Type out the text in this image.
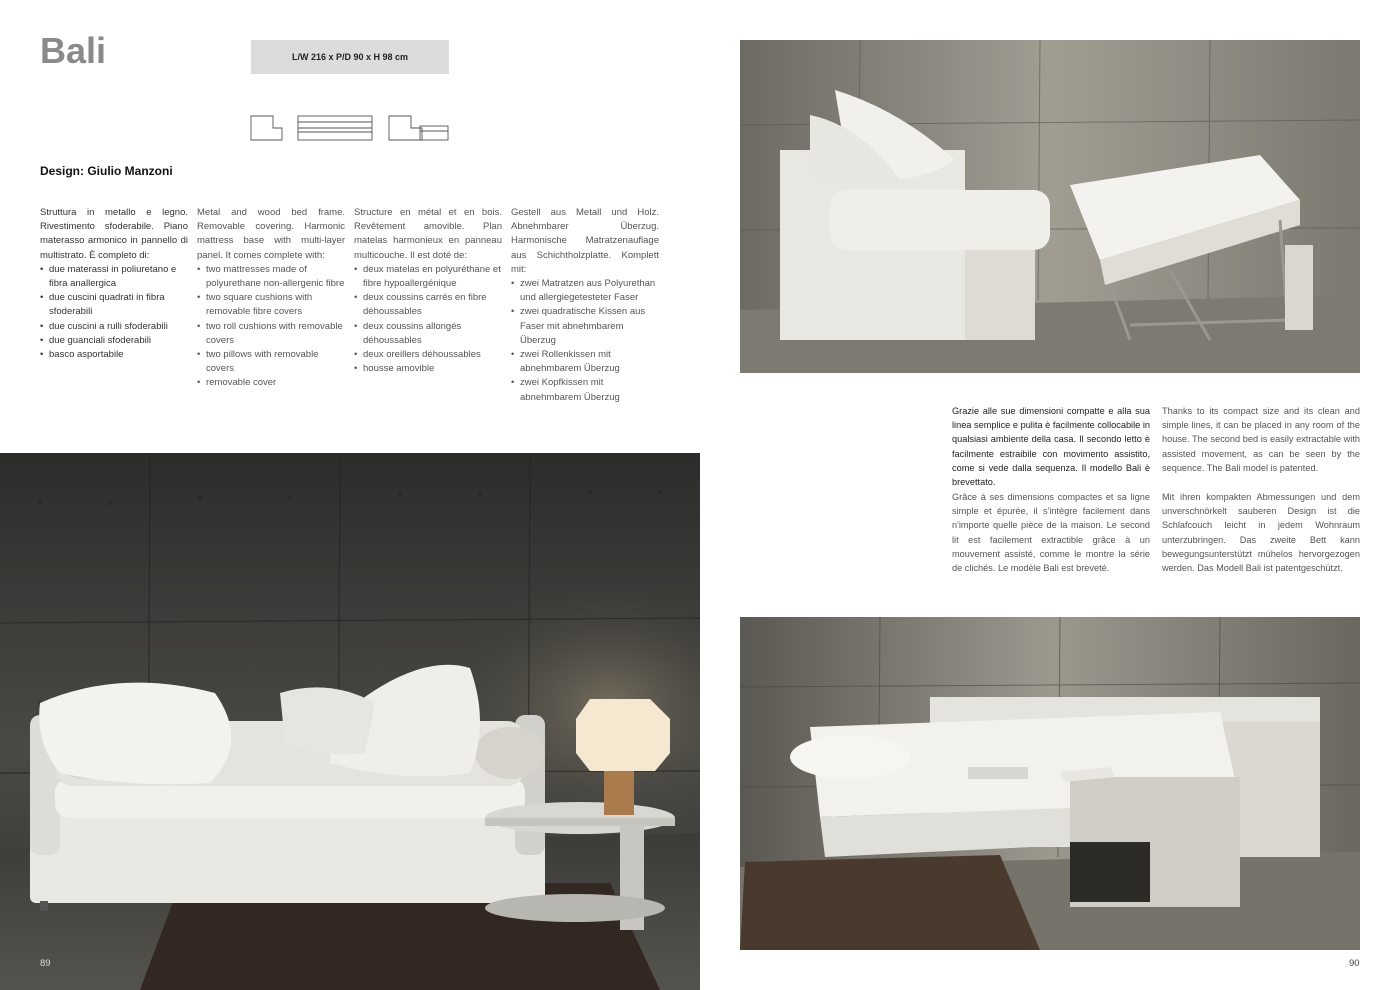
Bali	L/W 216 x P/D 90 x H 98 cm
Design: Giulio Manzoni
Struttura in metallo e legno. Rivestimento sfoderabile. Piano materasso armonico in pannello di multistrato. È completo di:
• due materassi in poliuretano e fibra anallergica
• due cuscini quadrati in fibra sfoderabili
• due cuscini a rulli sfoderabili
• due guanciali sfoderabili
• basco asportabile
Metal and wood bed frame. Removable covering. Harmonic mattress base with multi-layer panel. It comes complete with:
• two mattresses made of polyurethane non-allergenic fibre
• two square cushions with removable fibre covers
• two roll cushions with removable covers
• two pillows with removable covers
• removable cover
Structure en métal et en bois. Revêtement amovible. Plan matelas harmonieux en panneau multicouche. Il est doté de:
• deux matelas en polyuréthane et fibre hypoallergénique
• deux coussins carrés en fibre déhoussables
• deux coussins allongés déhoussables
• deux oreillers déhoussables
• housse amovible
Gestell aus Metall und Holz. Abnehmbarer Überzug. Harmonische Matratzenauflage aus Schichtholzplatte. Komplett mit:
• zwei Matratzen aus Polyurethan und allergiegetesteter Faser
• zwei quadratische Kissen aus Faser mit abnehmbarem Überzug
• zwei Rollenkissen mit abnehmbarem Überzug
• zwei Kopfkissen mit abnehmbarem Überzug
89
Grazie alle sue dimensioni compatte e alla sua linea semplice e pulita è facilmente collocabile in qualsiasi ambiente della casa. Il secondo letto è facilmente estraibile con movimento assistito, come si vede dalla sequenza. Il modello Bali è brevettato.
Thanks to its compact size and its clean and simple lines, it can be placed in any room of the house. The second bed is easily extractable with assisted movement, as can be seen by the sequence. The Bali model is patented.
Grâce à ses dimensions compactes et sa ligne simple et épurée, il s'intègre facilement dans n'importe quelle pièce de la maison. Le second lit est facilement extractible grâce à un mouvement assisté, comme le montre la série de clichés. Le modèle Bali est breveté.
Mit ihren kompakten Abmessungen und dem unverschnörkelt sauberen Design ist die Schlafcouch leicht in jedem Wohnraum unterzubringen. Das zweite Bett kann bewegungsunterstützt mühelos hervorgezogen werden. Das Modell Bali ist patentgeschützt.
90
